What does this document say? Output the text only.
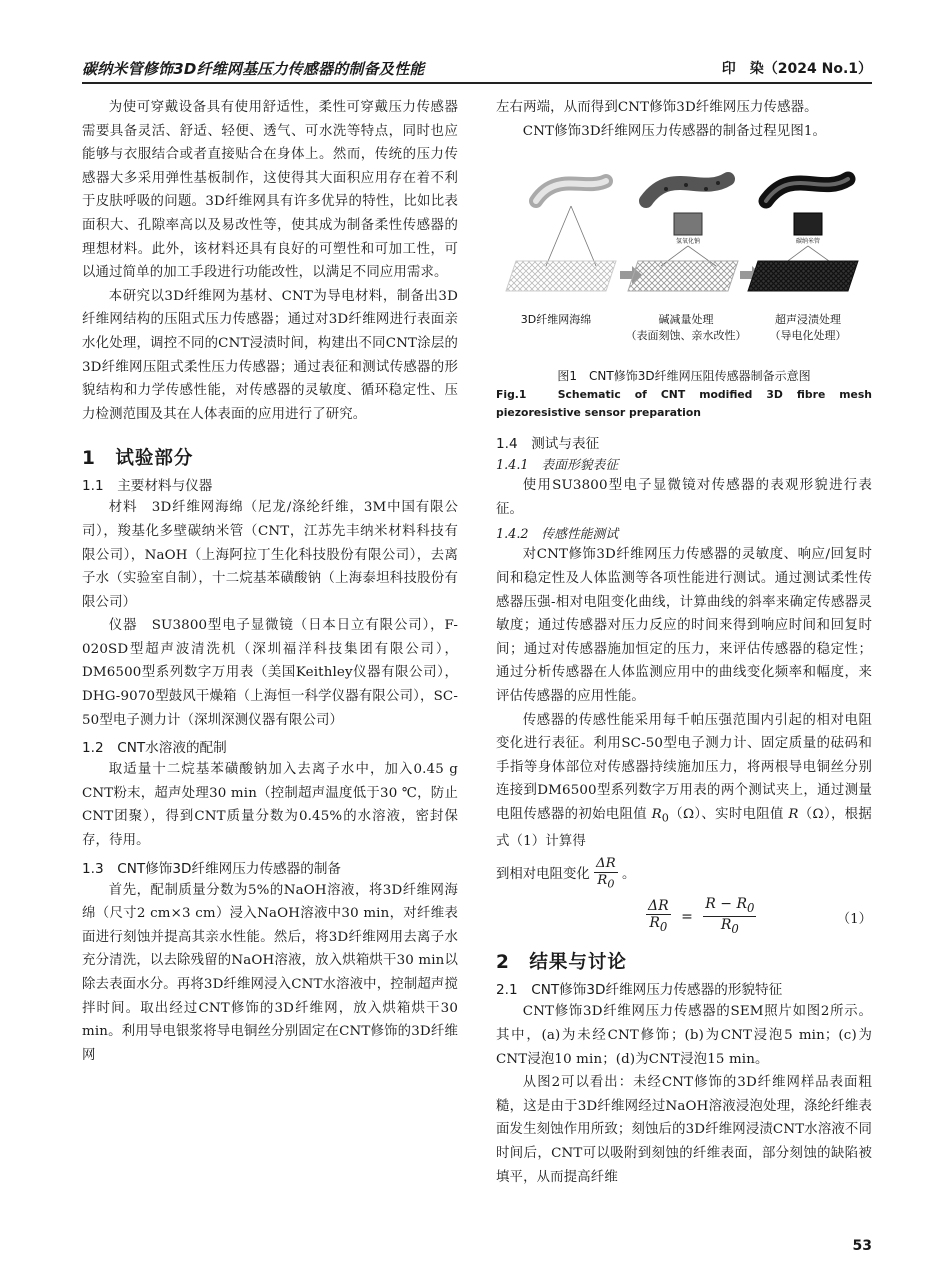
碳纳米管修饰3D纤维网基压力传感器的制备及性能	印　染（2024 No.1）

为使可穿戴设备具有使用舒适性，柔性可穿戴压力传感器需要具备灵活、舒适、轻便、透气、可水洗等特点，同时也应能够与衣服结合或者直接贴合在身体上。然而，传统的压力传感器大多采用弹性基板制作，这使得其大面积应用存在着不利于皮肤呼吸的问题。3D纤维网具有许多优异的特性，比如比表面积大、孔隙率高以及易改性等，使其成为制备柔性传感器的理想材料。此外，该材料还具有良好的可塑性和可加工性，可以通过简单的加工手段进行功能改性，以满足不同应用需求。

本研究以3D纤维网为基材、CNT为导电材料，制备出3D纤维网结构的压阻式压力传感器；通过对3D纤维网进行表面亲水化处理，调控不同的CNT浸渍时间，构建出不同CNT涂层的3D纤维网压阻式柔性压力传感器；通过表征和测试传感器的形貌结构和力学传感性能，对传感器的灵敏度、循环稳定性、压力检测范围及其在人体表面的应用进行了研究。

1　试验部分
1.1　主要材料与仪器

材料　3D纤维网海绵（尼龙/涤纶纤维，3M中国有限公司），羧基化多壁碳纳米管（CNT，江苏先丰纳米材料科技有限公司），NaOH（上海阿拉丁生化科技股份有限公司），去离子水（实验室自制），十二烷基苯磺酸钠（上海泰坦科技股份有限公司）

仪器　SU3800型电子显微镜（日本日立有限公司），F-020SD型超声波清洗机（深圳福洋科技集团有限公司），DM6500型系列数字万用表（美国Keithley仪器有限公司），DHG-9070型鼓风干燥箱（上海恒一科学仪器有限公司），SC-50型电子测力计（深圳深测仪器有限公司）

1.2　CNT水溶液的配制

取适量十二烷基苯磺酸钠加入去离子水中，加入0.45 g CNT粉末，超声处理30 min（控制超声温度低于30 ℃，防止CNT团聚），得到CNT质量分数为0.45%的水溶液，密封保存，待用。

1.3　CNT修饰3D纤维网压力传感器的制备

首先，配制质量分数为5%的NaOH溶液，将3D纤维网海绵（尺寸2 cm×3 cm）浸入NaOH溶液中30 min，对纤维表面进行刻蚀并提高其亲水性能。然后，将3D纤维网用去离子水充分清洗，以去除残留的NaOH溶液，放入烘箱烘干30 min以除去表面水分。再将3D纤维网浸入CNT水溶液中，控制超声搅拌时间。取出经过CNT修饰的3D纤维网，放入烘箱烘干30 min。利用导电银浆将导电铜丝分别固定在CNT修饰的3D纤维网

左右两端，从而得到CNT修饰3D纤维网压力传感器。

CNT修饰3D纤维网压力传感器的制备过程见图1。

氢氧化钠	碳纳米管
3D纤维网海绵	碱减量处理
（表面刻蚀、亲水改性）
超声浸渍处理
（导电化处理）
图1　CNT修饰3D纤维网压阻传感器制备示意图
Fig.1　Schematic of CNT modified 3D fibre mesh piezoresistive sensor preparation
1.4　测试与表征
1.4.1　表面形貌表征

使用SU3800型电子显微镜对传感器的表观形貌进行表征。

1.4.2　传感性能测试

对CNT修饰3D纤维网压力传感器的灵敏度、响应/回复时间和稳定性及人体监测等各项性能进行测试。通过测试柔性传感器压强-相对电阻变化曲线，计算曲线的斜率来确定传感器灵敏度；通过传感器对压力反应的时间来得到响应时间和回复时间；通过对传感器施加恒定的压力，来评估传感器的稳定性；通过分析传感器在人体监测应用中的曲线变化频率和幅度，来评估传感器的应用性能。

传感器的传感性能采用每千帕压强范围内引起的相对电阻变化进行表征。利用SC-50型电子测力计、固定质量的砝码和手指等身体部位对传感器持续施加压力，将两根导电铜丝分别连接到DM6500型系列数字万用表的两个测试夹上，通过测量电阻传感器的初始电阻值 $R_0(\Omega)$、实时电阻值 R（Ω），根据式（1）计算得

到相对电阻变化 $\frac{\Delta R}{R_0}$ 。
$\frac{\Delta R}{R_0} = \frac{R - R_0}{R_0}$	（1）
2　结果与讨论
2.1　CNT修饰3D纤维网压力传感器的形貌特征

CNT修饰3D纤维网压力传感器的SEM照片如图2所示。其中，(a)为未经CNT修饰；(b)为CNT浸泡5 min；(c)为CNT浸泡10 min；(d)为CNT浸泡15 min。

从图2可以看出：未经CNT修饰的3D纤维网样品表面粗糙，这是由于3D纤维网经过NaOH溶液浸泡处理，涤纶纤维表面发生刻蚀作用所致；刻蚀后的3D纤维网浸渍CNT水溶液不同时间后，CNT可以吸附到刻蚀的纤维表面，部分刻蚀的缺陷被填平，从而提高纤维

53
